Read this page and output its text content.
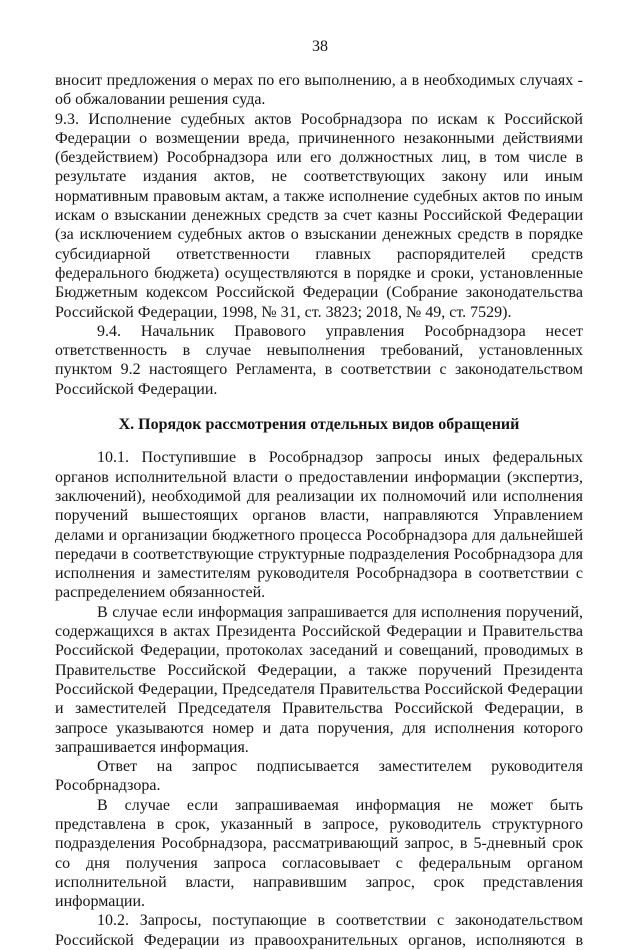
38

вносит предложения о мерах по его выполнению, а в необходимых случаях - об обжаловании решения суда.

9.3. Исполнение судебных актов Рособрнадзора по искам к Российской Федерации о возмещении вреда, причиненного незаконными действиями (бездействием) Рособрнадзора или его должностных лиц, в том числе в результате издания актов, не соответствующих закону или иным нормативным правовым актам, а также исполнение судебных актов по иным искам о взыскании денежных средств за счет казны Российской Федерации (за исключением судебных актов о взыскании денежных средств в порядке субсидиарной ответственности главных распорядителей средств федерального бюджета) осуществляются в порядке и сроки, установленные Бюджетным кодексом Российской Федерации (Собрание законодательства Российской Федерации, 1998, № 31, ст. 3823; 2018, № 49, ст. 7529).

9.4. Начальник Правового управления Рособрнадзора несет ответственность в случае невыполнения требований, установленных пунктом 9.2 настоящего Регламента, в соответствии с законодательством Российской Федерации.

X. Порядок рассмотрения отдельных видов обращений

10.1. Поступившие в Рособрнадзор запросы иных федеральных органов исполнительной власти о предоставлении информации (экспертиз, заключений), необходимой для реализации их полномочий или исполнения поручений вышестоящих органов власти, направляются Управлением делами и организации бюджетного процесса Рособрнадзора для дальнейшей передачи в соответствующие структурные подразделения Рособрнадзора для исполнения и заместителям руководителя Рособрнадзора в соответствии с распределением обязанностей.

В случае если информация запрашивается для исполнения поручений, содержащихся в актах Президента Российской Федерации и Правительства Российской Федерации, протоколах заседаний и совещаний, проводимых в Правительстве Российской Федерации, а также поручений Президента Российской Федерации, Председателя Правительства Российской Федерации и заместителей Председателя Правительства Российской Федерации, в запросе указываются номер и дата поручения, для исполнения которого запрашивается информация.

Ответ на запрос подписывается заместителем руководителя Рособрнадзора.

В случае если запрашиваемая информация не может быть представлена в срок, указанный в запросе, руководитель структурного подразделения Рособрнадзора, рассматривающий запрос, в 5-дневный срок со дня получения запроса согласовывает с федеральным органом исполнительной власти, направившим запрос, срок представления информации.

10.2. Запросы, поступающие в соответствии с законодательством Российской Федерации из правоохранительных органов, исполняются в
